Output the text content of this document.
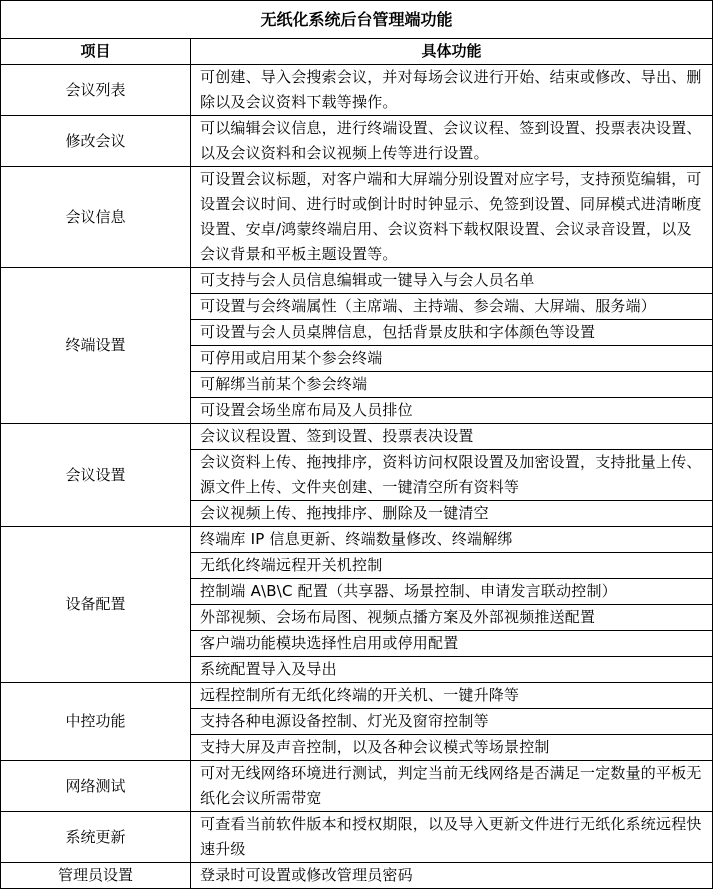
无纸化系统后台管理端功能	
项目	具体功能
会议列表	可创建、导入会搜索会议，并对每场会议进行开始、结束或修改、导出、删除以及会议资料下载等操作。
修改会议	可以编辑会议信息，进行终端设置、会议议程、签到设置、投票表决设置、以及会议资料和会议视频上传等进行设置。
会议信息	可设置会议标题，对客户端和大屏端分别设置对应字号，支持预览编辑，可设置会议时间、进行时或倒计时时钟显示、免签到设置、同屏模式进清晰度设置、安卓/鸿蒙终端启用、会议资料下载权限设置、会议录音设置，以及会议背景和平板主题设置等。
终端设置	可支持与会人员信息编辑或一键导入与会人员名单
	可设置与会终端属性（主席端、主持端、参会端、大屏端、服务端）
	可设置与会人员桌牌信息，包括背景皮肤和字体颜色等设置
	可停用或启用某个参会终端
	可解绑当前某个参会终端
	可设置会场坐席布局及人员排位
会议设置	会议议程设置、签到设置、投票表决设置
	会议资料上传、拖拽排序，资料访问权限设置及加密设置，支持批量上传、源文件上传、文件夹创建、一键清空所有资料等
	会议视频上传、拖拽排序、删除及一键清空
设备配置	终端库 IP 信息更新、终端数量修改、终端解绑
	无纸化终端远程开关机控制
	控制端 A\B\C 配置（共享器、场景控制、申请发言联动控制）
	外部视频、会场布局图、视频点播方案及外部视频推送配置
	客户端功能模块选择性启用或停用配置
	系统配置导入及导出
中控功能	远程控制所有无纸化终端的开关机、一键升降等
	支持各种电源设备控制、灯光及窗帘控制等
	支持大屏及声音控制，以及各种会议模式等场景控制
网络测试	可对无线网络环境进行测试，判定当前无线网络是否满足一定数量的平板无纸化会议所需带宽
系统更新	可查看当前软件版本和授权期限，以及导入更新文件进行无纸化系统远程快速升级
管理员设置	登录时可设置或修改管理员密码
